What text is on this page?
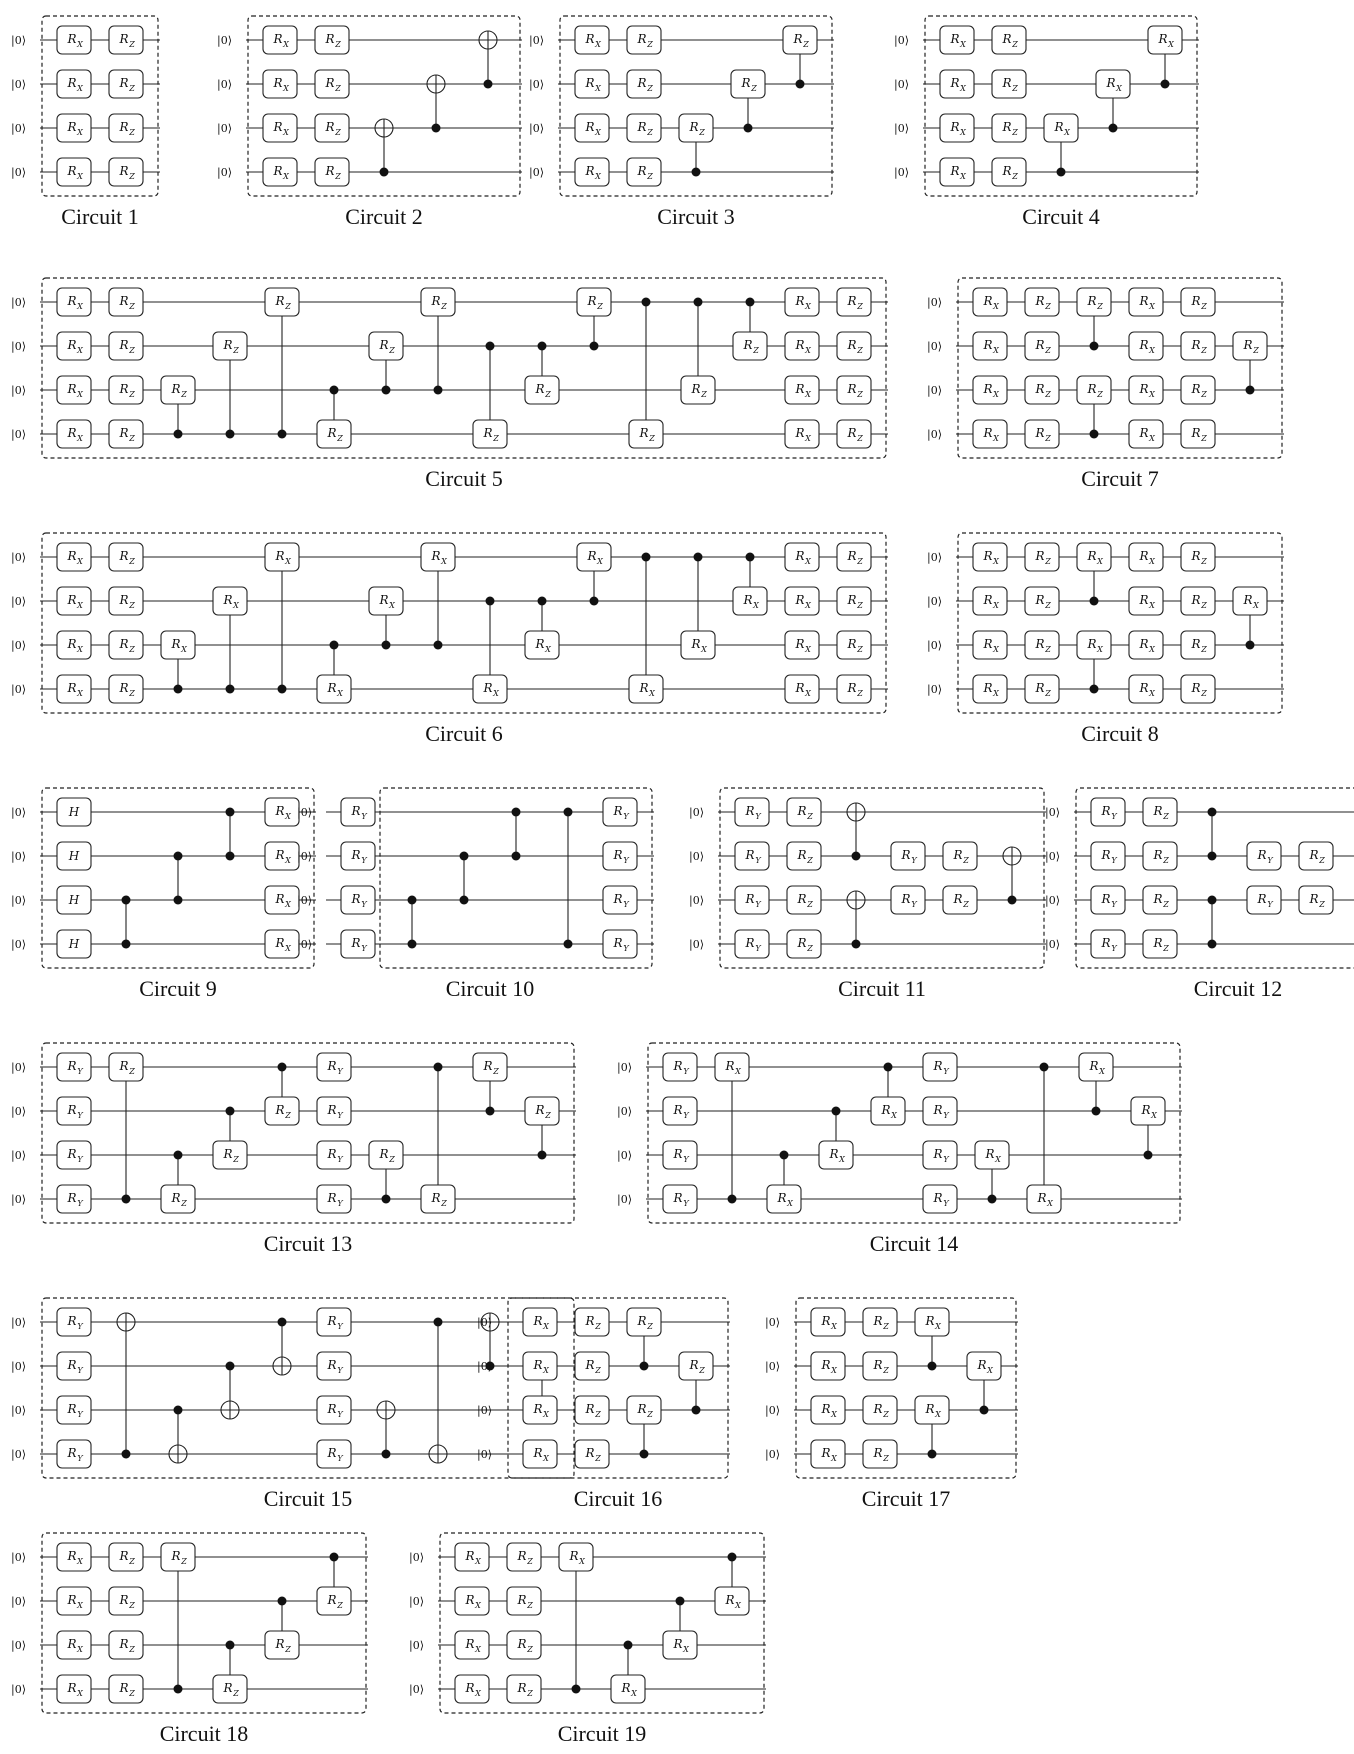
|0⟩
|0⟩
|0⟩
|0⟩
R X
R X
R X
R X
R Z
R Z
R Z
R Z
Circuit 1
|0⟩
|0⟩
|0⟩
|0⟩
R X
R X
R X
R X
R Z
R Z
R Z
R Z
Circuit 2
|0⟩
|0⟩
|0⟩
|0⟩
R X
R X
R X
R X
R Z
R Z
R Z
R Z
R Z
R Z
R Z
Circuit 3
|0⟩
|0⟩
|0⟩
|0⟩
R X
R X
R X
R X
R Z
R Z
R Z
R Z
R X
R X
R X
Circuit 4
|0⟩
|0⟩
|0⟩
|0⟩
R X
R X
R X
R X
R Z
R Z
R Z
R Z
R Z
R Z
R Z
R Z
R Z
R Z
R Z
R Z
R Z
R Z
R Z
R Z
R X
R X
R X
R X
R Z
R Z
R Z
R Z
Circuit 5
|0⟩
|0⟩
|0⟩
|0⟩
R X
R X
R X
R X
R Z
R Z
R Z
R Z
R X
R X
R X
R X
R X
R X
R X
R X
R X
R X
R X
R X
R X
R X
R X
R X
R Z
R Z
R Z
R Z
Circuit 6
|0⟩
|0⟩
|0⟩
|0⟩
R X
R X
R X
R X
R Z
R Z
R Z
R Z
R Z
R Z
R X
R X
R X
R X
R Z
R Z
R Z
R Z
R Z
Circuit 7
|0⟩
|0⟩
|0⟩
|0⟩
R X
R X
R X
R X
R Z
R Z
R Z
R Z
R X
R X
R X
R X
R X
R X
R Z
R Z
R Z
R Z
R X
Circuit 8
|0⟩
|0⟩
|0⟩
|0⟩
H
H
H
H
R X
R X
R X
R X
Circuit 9
|0⟩
|0⟩
|0⟩
|0⟩
R Y
R Y
R Y
R Y
R Y
R Y
R Y
R Y
Circuit 10
|0⟩
|0⟩
|0⟩
|0⟩
R Y
R Y
R Y
R Y
R Z
R Z
R Z
R Z
R Y
R Y
R Z
R Z
Circuit 11
|0⟩
|0⟩
|0⟩
|0⟩
R Y
R Y
R Y
R Y
R Z
R Z
R Z
R Z
R Y
R Y
R Z
R Z
Circuit 12
|0⟩
|0⟩
|0⟩
|0⟩
R Y
R Y
R Y
R Y
R Z
R Z
R Z
R Z
R Y
R Y
R Y
R Y
R Z
R Z
R Z
R Z
Circuit 13
|0⟩
|0⟩
|0⟩
|0⟩
R Y
R Y
R Y
R Y
R X
R X
R X
R X
R Y
R Y
R Y
R Y
R X
R X
R X
R X
Circuit 14
|0⟩
|0⟩
|0⟩
|0⟩
R Y
R Y
R Y
R Y
R Y
R Y
R Y
R Y
Circuit 15
|0⟩
|0⟩
|0⟩
|0⟩
R X
R X
R X
R X
R Z
R Z
R Z
R Z
R Z
R Z
R Z
Circuit 16
|0⟩
|0⟩
|0⟩
|0⟩
R X
R X
R X
R X
R Z
R Z
R Z
R Z
R X
R X
R X
Circuit 17
|0⟩
|0⟩
|0⟩
|0⟩
R X
R X
R X
R X
R Z
R Z
R Z
R Z
R Z
R Z
R Z
R Z
Circuit 18
|0⟩
|0⟩
|0⟩
|0⟩
R X
R X
R X
R X
R Z
R Z
R Z
R Z
R X
R X
R X
R X
Circuit 19
